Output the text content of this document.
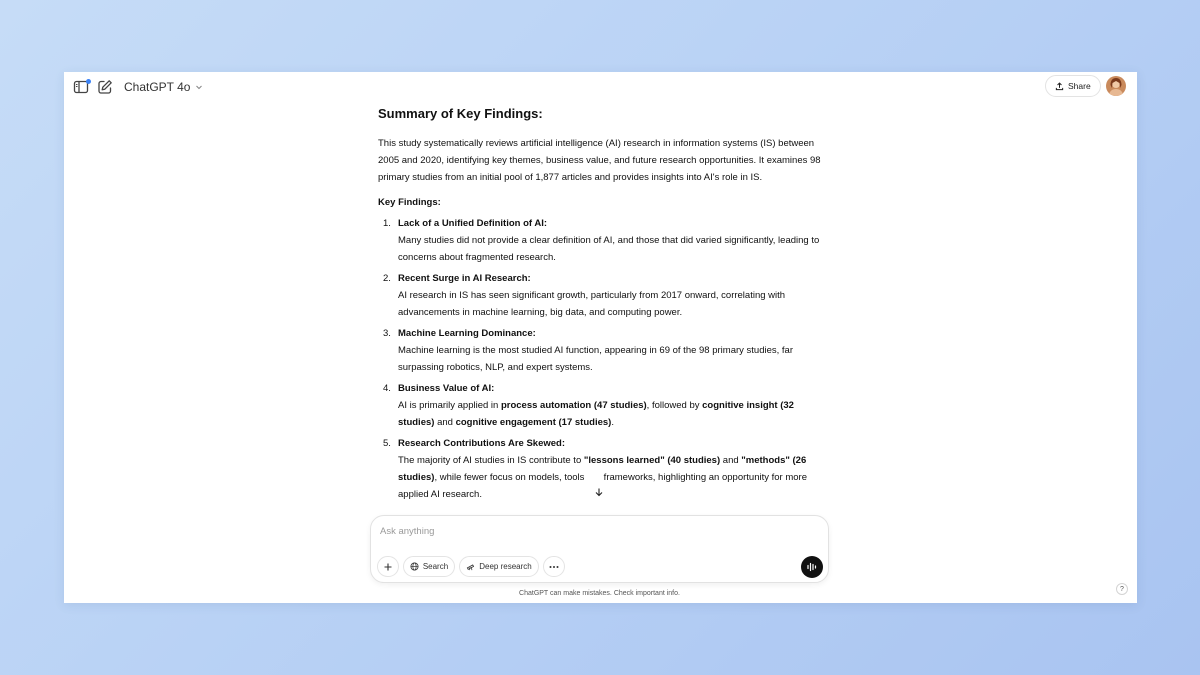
ChatGPT 4o	Share
Summary of Key Findings:

This study systematically reviews artificial intelligence (AI) research in information systems (IS) between 2005 and 2020, identifying key themes, business value, and future research opportunities. It examines 98 primary studies from an initial pool of 1,877 articles and provides insights into AI's role in IS.

Key Findings:
1. Lack of a Unified Definition of AI:
Many studies did not provide a clear definition of AI, and those that did varied significantly, leading to concerns about fragmented research.
2. Recent Surge in AI Research:
AI research in IS has seen significant growth, particularly from 2017 onward, correlating with advancements in machine learning, big data, and computing power.
3. Machine Learning Dominance:
Machine learning is the most studied AI function, appearing in 69 of the 98 primary studies, far surpassing robotics, NLP, and expert systems.
4. Business Value of AI:
AI is primarily applied in process automation (47 studies), followed by cognitive insight (32 studies) and cognitive engagement (17 studies).
5. Research Contributions Are Skewed:
The majority of AI studies in IS contribute to "lessons learned" (40 studies) and "methods" (26 studies), while fewer focus on models, tools  frameworks, highlighting an opportunity for more applied AI research.
Ask anything
Search	Deep research
ChatGPT can make mistakes. Check important info.
?
